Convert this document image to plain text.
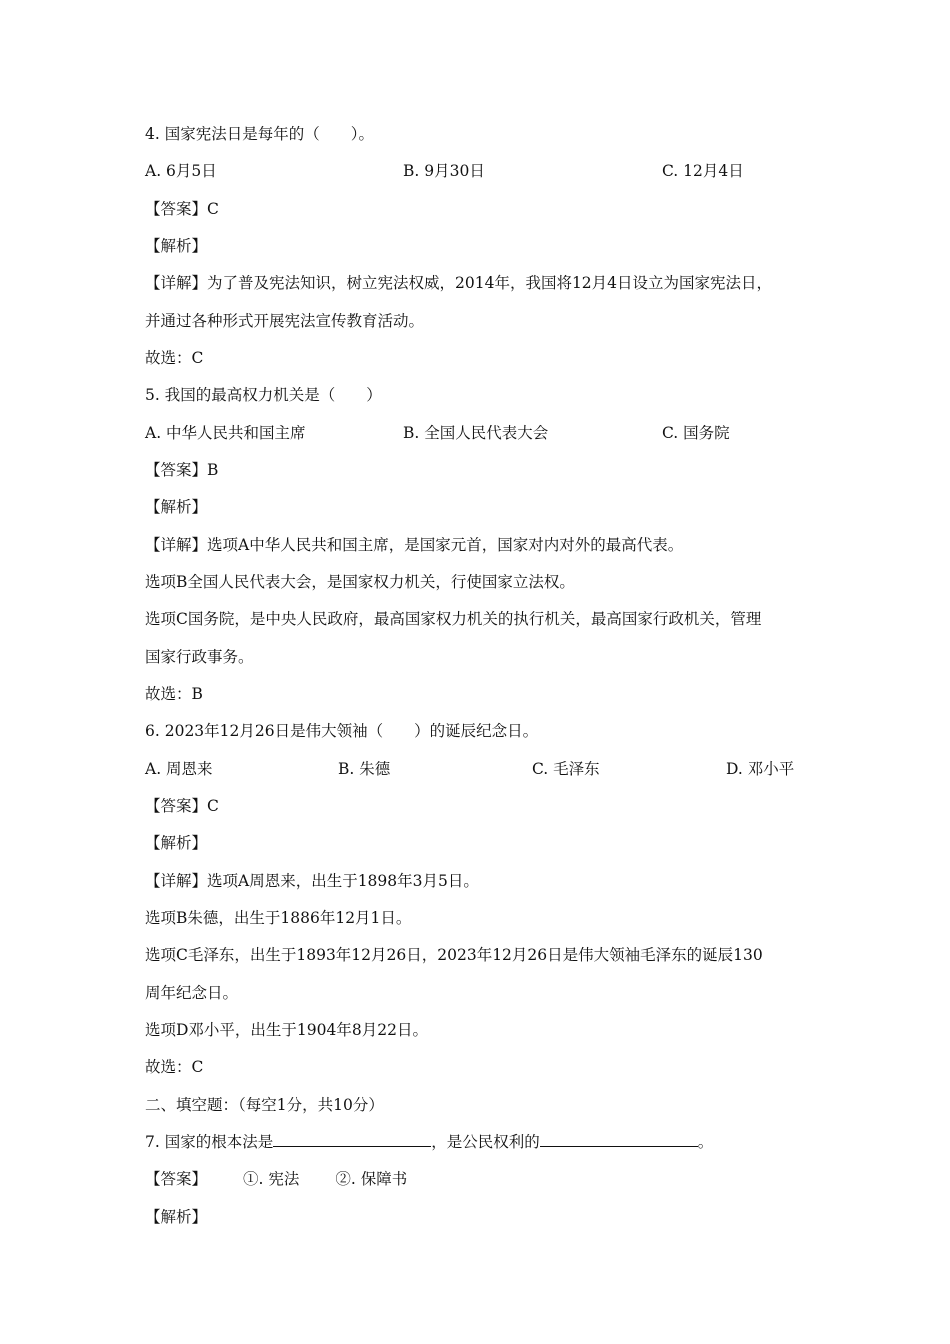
4. 国家宪法日是每年的（　　）。
A. 6月5日	B. 9月30日	C. 12月4日
【答案】C
【解析】
【详解】为了普及宪法知识，树立宪法权威，2014年，我国将12月4日设立为国家宪法日，
并通过各种形式开展宪法宣传教育活动。
故选：C
5. 我国的最高权力机关是（　　）
A. 中华人民共和国主席	B. 全国人民代表大会	C. 国务院
【答案】B
【解析】
【详解】选项A中华人民共和国主席，是国家元首，国家对内对外的最高代表。
选项B全国人民代表大会，是国家权力机关，行使国家立法权。
选项C国务院，是中央人民政府，最高国家权力机关的执行机关，最高国家行政机关，管理
国家行政事务。
故选：B
6. 2023年12月26日是伟大领袖（　　）的诞辰纪念日。
A. 周恩来	B. 朱德	C. 毛泽东	D. 邓小平
【答案】C
【解析】
【详解】选项A周恩来，出生于1898年3月5日。
选项B朱德，出生于1886年12月1日。
选项C毛泽东，出生于1893年12月26日，2023年12月26日是伟大领袖毛泽东的诞辰130
周年纪念日。
选项D邓小平，出生于1904年8月22日。
故选：C
二、填空题：（每空1分，共10分）
7. 国家的根本法是	，是公民权利的	。
【答案】 ①. 宪法 ②. 保障书
【解析】
